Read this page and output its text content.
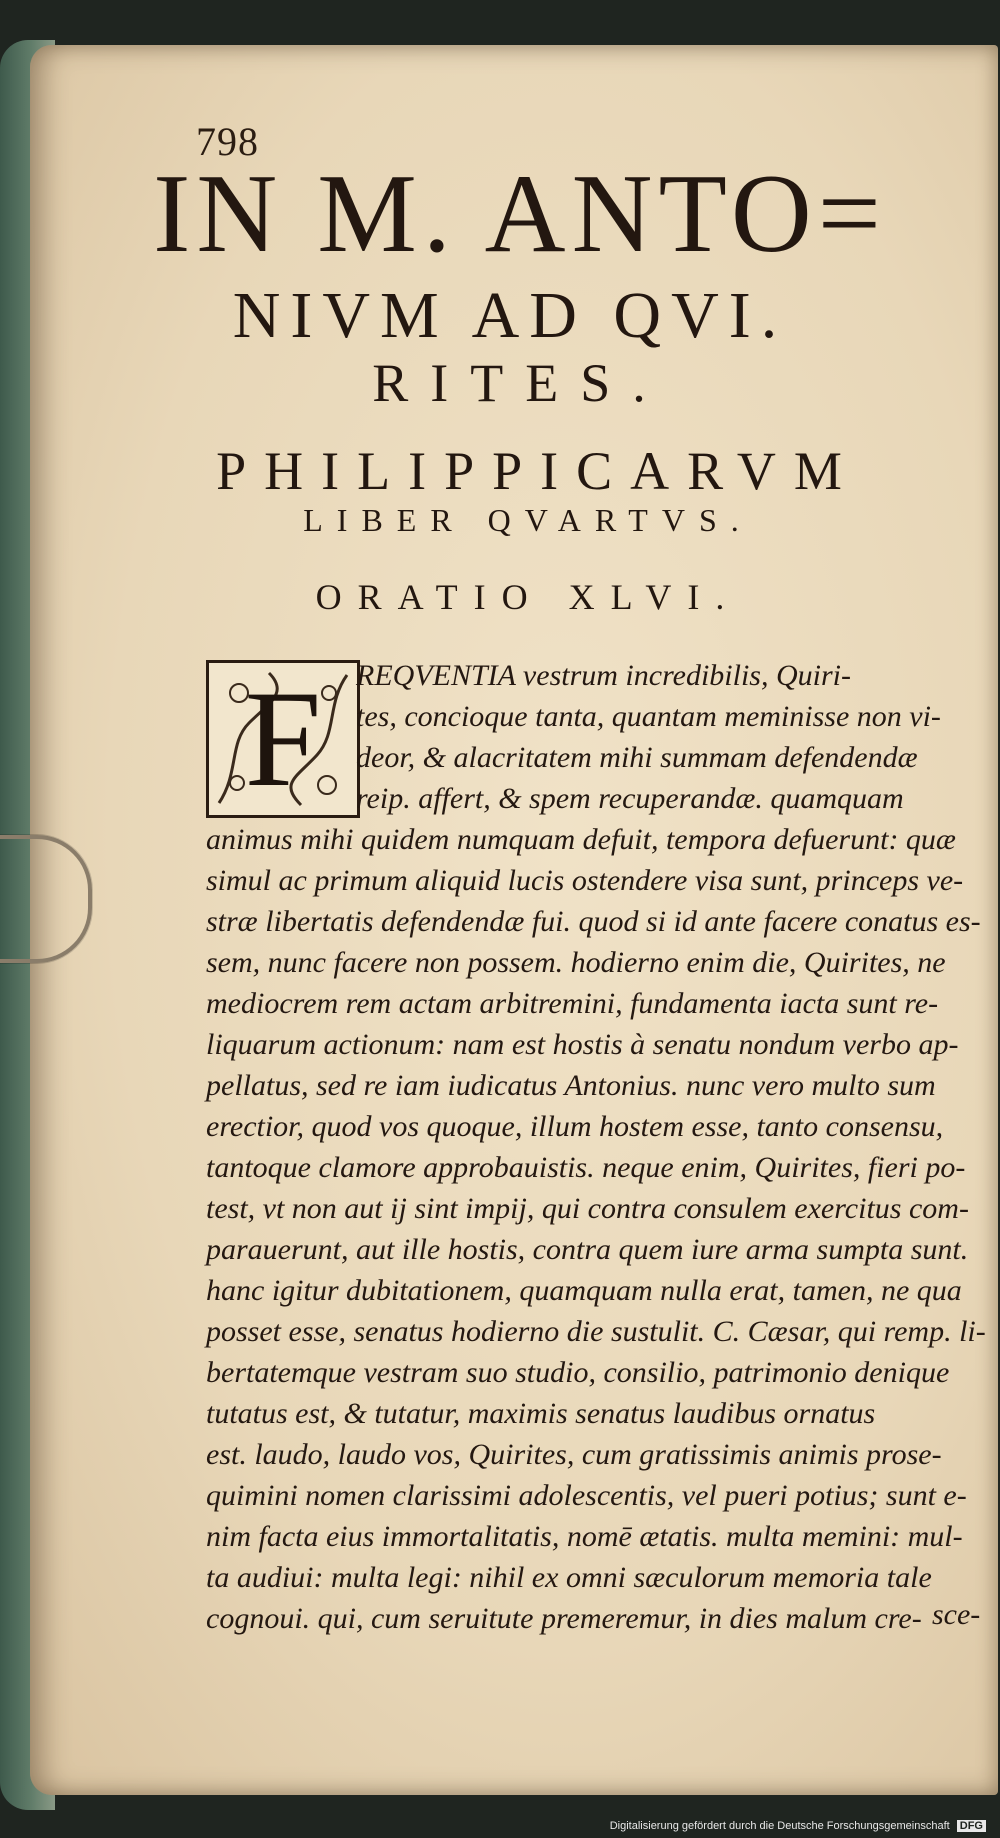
798
IN M. ANTO=
NIVM AD QVI.
RITES.
PHILIPPICARVM
LIBER QVARTVS.
ORATIO XLVI.
F	REQVENTIA vestrum incredibilis, Quiri-
tes, concioque tanta, quantam meminisse non vi-
deor, & alacritatem mihi summam defendendæ
reip. affert, & spem recuperandæ. quamquam
animus mihi quidem numquam defuit, tempora defuerunt: quæ
simul ac primum aliquid lucis ostendere visa sunt, princeps ve-
stræ libertatis defendendæ fui. quod si id ante facere conatus es-
sem, nunc facere non possem. hodierno enim die, Quirites, ne
mediocrem rem actam arbitremini, fundamenta iacta sunt re-
liquarum actionum: nam est hostis à senatu nondum verbo ap-
pellatus, sed re iam iudicatus Antonius. nunc vero multo sum
erectior, quod vos quoque, illum hostem esse, tanto consensu,
tantoque clamore approbauistis. neque enim, Quirites, fieri po-
test, vt non aut ij sint impij, qui contra consulem exercitus com-
parauerunt, aut ille hostis, contra quem iure arma sumpta sunt.
hanc igitur dubitationem, quamquam nulla erat, tamen, ne qua
posset esse, senatus hodierno die sustulit. C. Cæsar, qui remp. li-
bertatemque vestram suo studio, consilio, patrimonio denique
tutatus est, & tutatur, maximis senatus laudibus ornatus
est. laudo, laudo vos, Quirites, cum gratissimis animis prose-
quimini nomen clarissimi adolescentis, vel pueri potius; sunt e-
nim facta eius immortalitatis, nomē ætatis. multa memini: mul-
ta audiui: multa legi: nihil ex omni sæculorum memoria tale
cognoui. qui, cum seruitute premeremur, in dies malum cre- sce-
Digitalisierung gefördert durch die Deutsche Forschungsgemeinschaft DFG
